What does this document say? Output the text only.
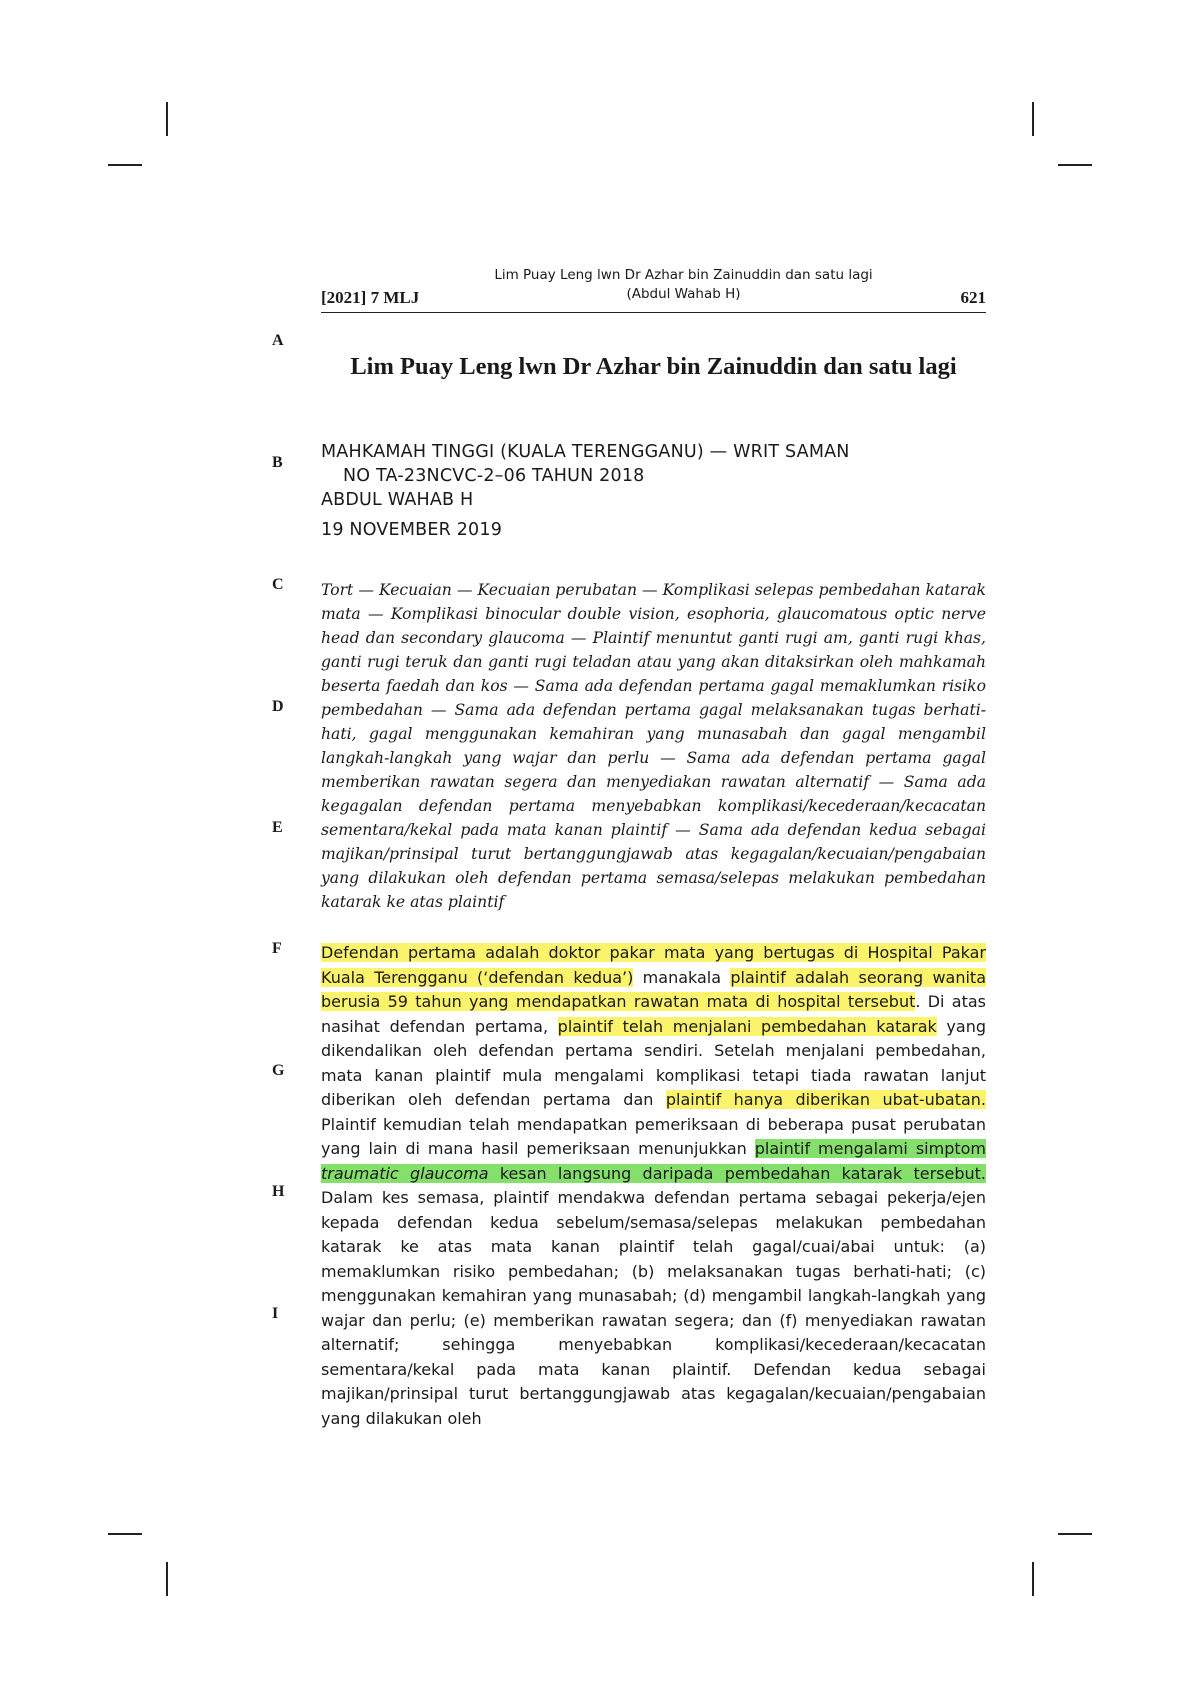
[2021] 7 MLJ
Lim Puay Leng lwn Dr Azhar bin Zainuddin dan satu lagi
(Abdul Wahab H)	621
A
B
C
D
E
F
G
H
I
Lim Puay Leng lwn Dr Azhar bin Zainuddin dan satu lagi
MAHKAMAH TINGGI (KUALA TERENGGANU) — WRIT SAMAN
NO TA-23NCVC-2–06 TAHUN 2018
ABDUL WAHAB H
19 NOVEMBER 2019
Tort — Kecuaian — Kecuaian perubatan — Komplikasi selepas pembedahan katarak mata — Komplikasi binocular double vision, esophoria, glaucomatous optic nerve head dan secondary glaucoma — Plaintif menuntut ganti rugi am, ganti rugi khas, ganti rugi teruk dan ganti rugi teladan atau yang akan ditaksirkan oleh mahkamah beserta faedah dan kos — Sama ada defendan pertama gagal memaklumkan risiko pembedahan — Sama ada defendan pertama gagal melaksanakan tugas berhati-hati, gagal menggunakan kemahiran yang munasabah dan gagal mengambil langkah-langkah yang wajar dan perlu — Sama ada defendan pertama gagal memberikan rawatan segera dan menyediakan rawatan alternatif — Sama ada kegagalan defendan pertama menyebabkan komplikasi/kecederaan/kecacatan sementara/kekal pada mata kanan plaintif — Sama ada defendan kedua sebagai majikan/prinsipal turut bertanggungjawab atas kegagalan/kecuaian/pengabaian yang dilakukan oleh defendan pertama semasa/selepas melakukan pembedahan katarak ke atas plaintif
Defendan pertama adalah doktor pakar mata yang bertugas di Hospital Pakar Kuala Terengganu (‘defendan kedua’) manakala plaintif adalah seorang wanita berusia 59 tahun yang mendapatkan rawatan mata di hospital tersebut. Di atas nasihat defendan pertama, plaintif telah menjalani pembedahan katarak yang dikendalikan oleh defendan pertama sendiri. Setelah menjalani pembedahan, mata kanan plaintif mula mengalami komplikasi tetapi tiada rawatan lanjut diberikan oleh defendan pertama dan plaintif hanya diberikan ubat-ubatan. Plaintif kemudian telah mendapatkan pemeriksaan di beberapa pusat perubatan yang lain di mana hasil pemeriksaan menunjukkan plaintif mengalami simptom traumatic glaucoma kesan langsung daripada pembedahan katarak tersebut. Dalam kes semasa, plaintif mendakwa defendan pertama sebagai pekerja/ejen kepada defendan kedua sebelum/semasa/selepas melakukan pembedahan katarak ke atas mata kanan plaintif telah gagal/cuai/abai untuk: (a) memaklumkan risiko pembedahan; (b) melaksanakan tugas berhati-hati; (c) menggunakan kemahiran yang munasabah; (d) mengambil langkah-langkah yang wajar dan perlu; (e) memberikan rawatan segera; dan (f) menyediakan rawatan alternatif; sehingga menyebabkan komplikasi/kecederaan/kecacatan sementara/kekal pada mata kanan plaintif. Defendan kedua sebagai majikan/prinsipal turut bertanggungjawab atas kegagalan/kecuaian/pengabaian yang dilakukan oleh
